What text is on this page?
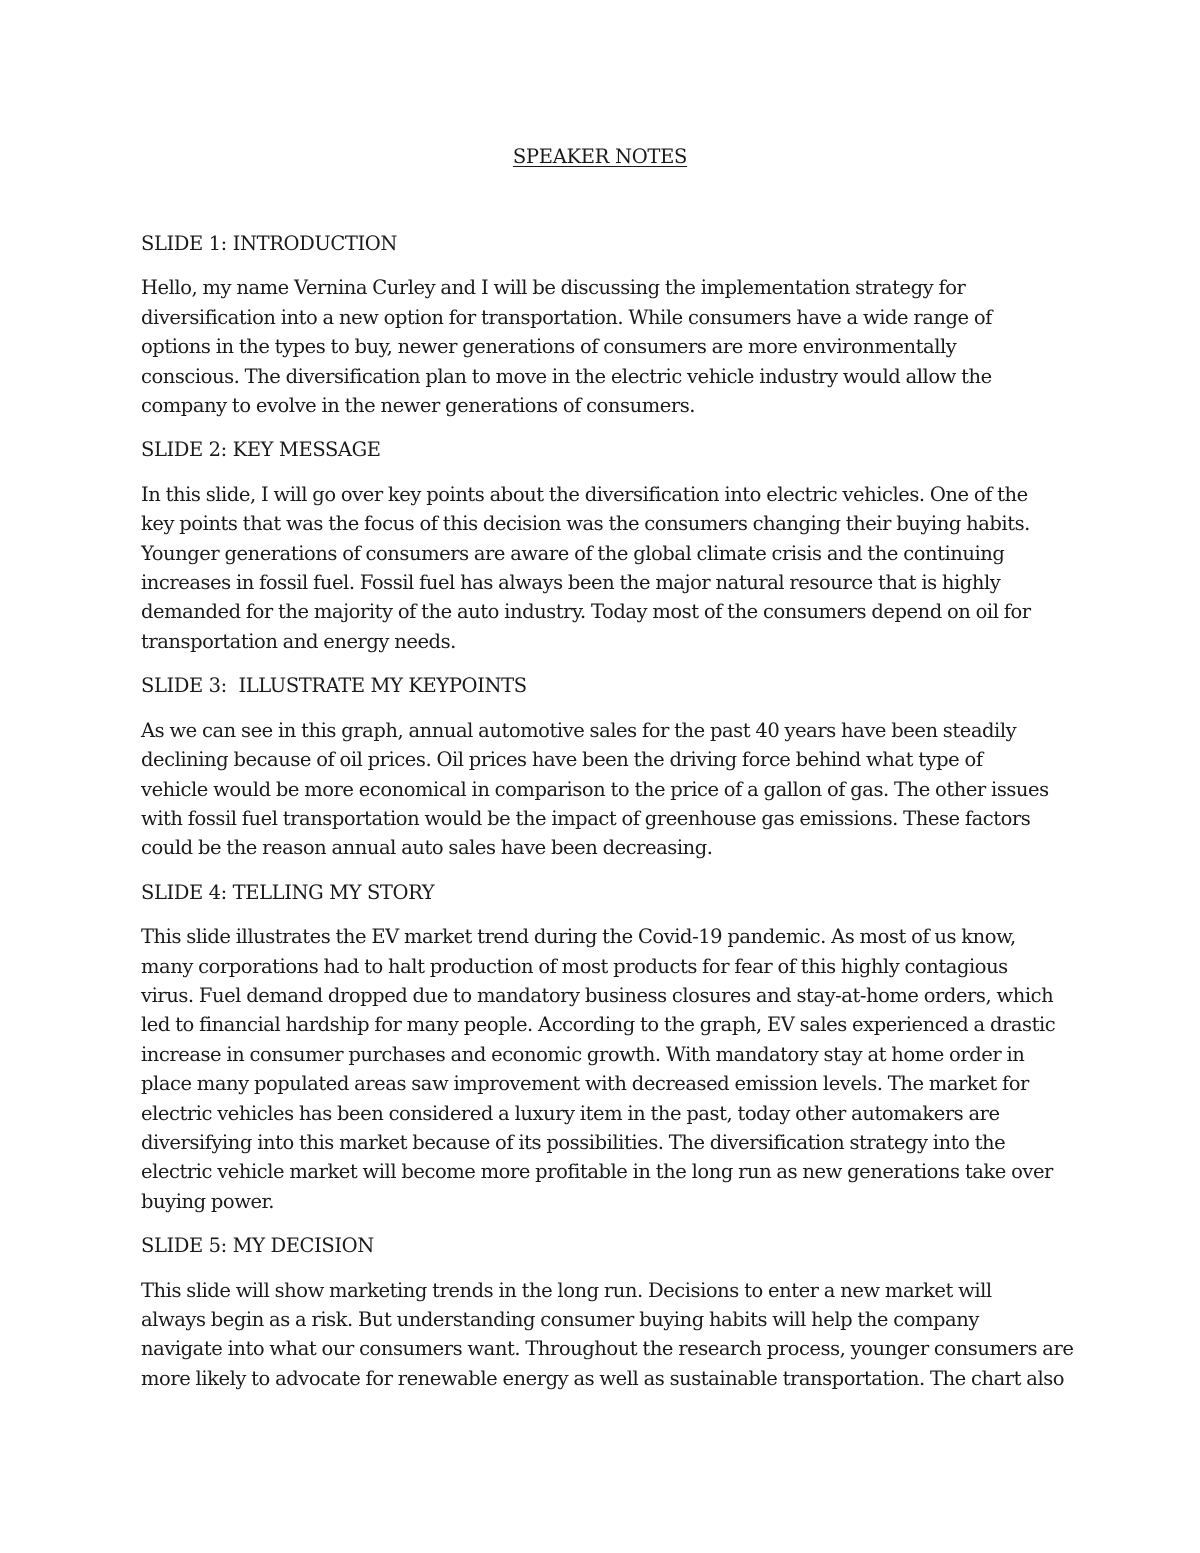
SPEAKER NOTES
SLIDE 1: INTRODUCTION
Hello, my name Vernina Curley and I will be discussing the implementation strategy for
diversification into a new option for transportation. While consumers have a wide range of
options in the types to buy, newer generations of consumers are more environmentally
conscious. The diversification plan to move in the electric vehicle industry would allow the
company to evolve in the newer generations of consumers.
SLIDE 2: KEY MESSAGE
In this slide, I will go over key points about the diversification into electric vehicles. One of the
key points that was the focus of this decision was the consumers changing their buying habits.
Younger generations of consumers are aware of the global climate crisis and the continuing
increases in fossil fuel. Fossil fuel has always been the major natural resource that is highly
demanded for the majority of the auto industry. Today most of the consumers depend on oil for
transportation and energy needs.
SLIDE 3:  ILLUSTRATE MY KEYPOINTS
As we can see in this graph, annual automotive sales for the past 40 years have been steadily
declining because of oil prices. Oil prices have been the driving force behind what type of
vehicle would be more economical in comparison to the price of a gallon of gas. The other issues
with fossil fuel transportation would be the impact of greenhouse gas emissions. These factors
could be the reason annual auto sales have been decreasing.
SLIDE 4: TELLING MY STORY
This slide illustrates the EV market trend during the Covid-19 pandemic. As most of us know,
many corporations had to halt production of most products for fear of this highly contagious
virus. Fuel demand dropped due to mandatory business closures and stay-at-home orders, which
led to financial hardship for many people. According to the graph, EV sales experienced a drastic
increase in consumer purchases and economic growth. With mandatory stay at home order in
place many populated areas saw improvement with decreased emission levels. The market for
electric vehicles has been considered a luxury item in the past, today other automakers are
diversifying into this market because of its possibilities. The diversification strategy into the
electric vehicle market will become more profitable in the long run as new generations take over
buying power.
SLIDE 5: MY DECISION
This slide will show marketing trends in the long run. Decisions to enter a new market will
always begin as a risk. But understanding consumer buying habits will help the company
navigate into what our consumers want. Throughout the research process, younger consumers are
more likely to advocate for renewable energy as well as sustainable transportation. The chart also
